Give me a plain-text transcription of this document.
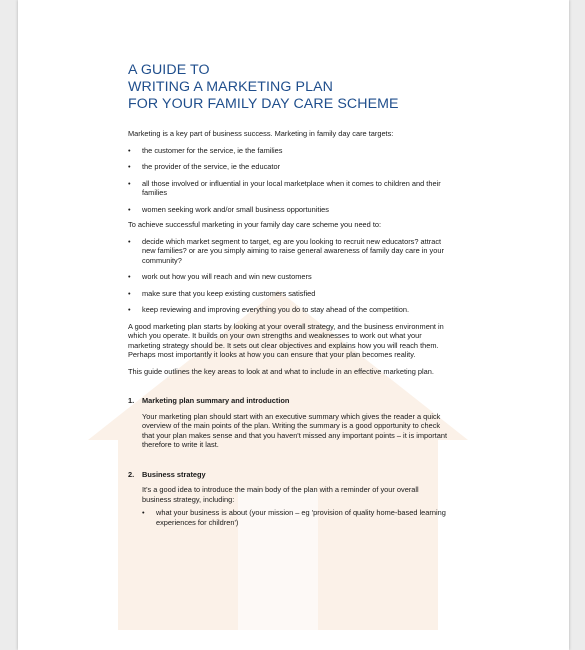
A GUIDE TO
WRITING A MARKETING PLAN
FOR YOUR FAMILY DAY CARE SCHEME

Marketing is a key part of business success. Marketing in family day care targets:

• the customer for the service, ie the families
• the provider of the service, ie the educator
• all those involved or influential in your local marketplace when it comes to children and their families
• women seeking work and/or small business opportunities

To achieve successful marketing in your family day care scheme you need to:

• decide which market segment to target, eg are you looking to recruit new educators? attract new families? or are you simply aiming to raise general awareness of family day care in your community?
• work out how you will reach and win new customers
• make sure that you keep existing customers satisfied
• keep reviewing and improving everything you do to stay ahead of the competition.

A good marketing plan starts by looking at your overall strategy, and the business environment in which you operate. It builds on your own strengths and weaknesses to work out what your marketing strategy should be. It sets out clear objectives and explains how you will reach them. Perhaps most importantly it looks at how you can ensure that your plan becomes reality.

This guide outlines the key areas to look at and what to include in an effective marketing plan.

1. Marketing plan summary and introduction

Your marketing plan should start with an executive summary which gives the reader a quick overview of the main points of the plan. Writing the summary is a good opportunity to check that your plan makes sense and that you haven't missed any important points – it is important therefore to write it last.

2. Business strategy

It's a good idea to introduce the main body of the plan with a reminder of your overall business strategy, including:

• what your business is about (your mission – eg 'provision of quality home-based learning experiences for children')
